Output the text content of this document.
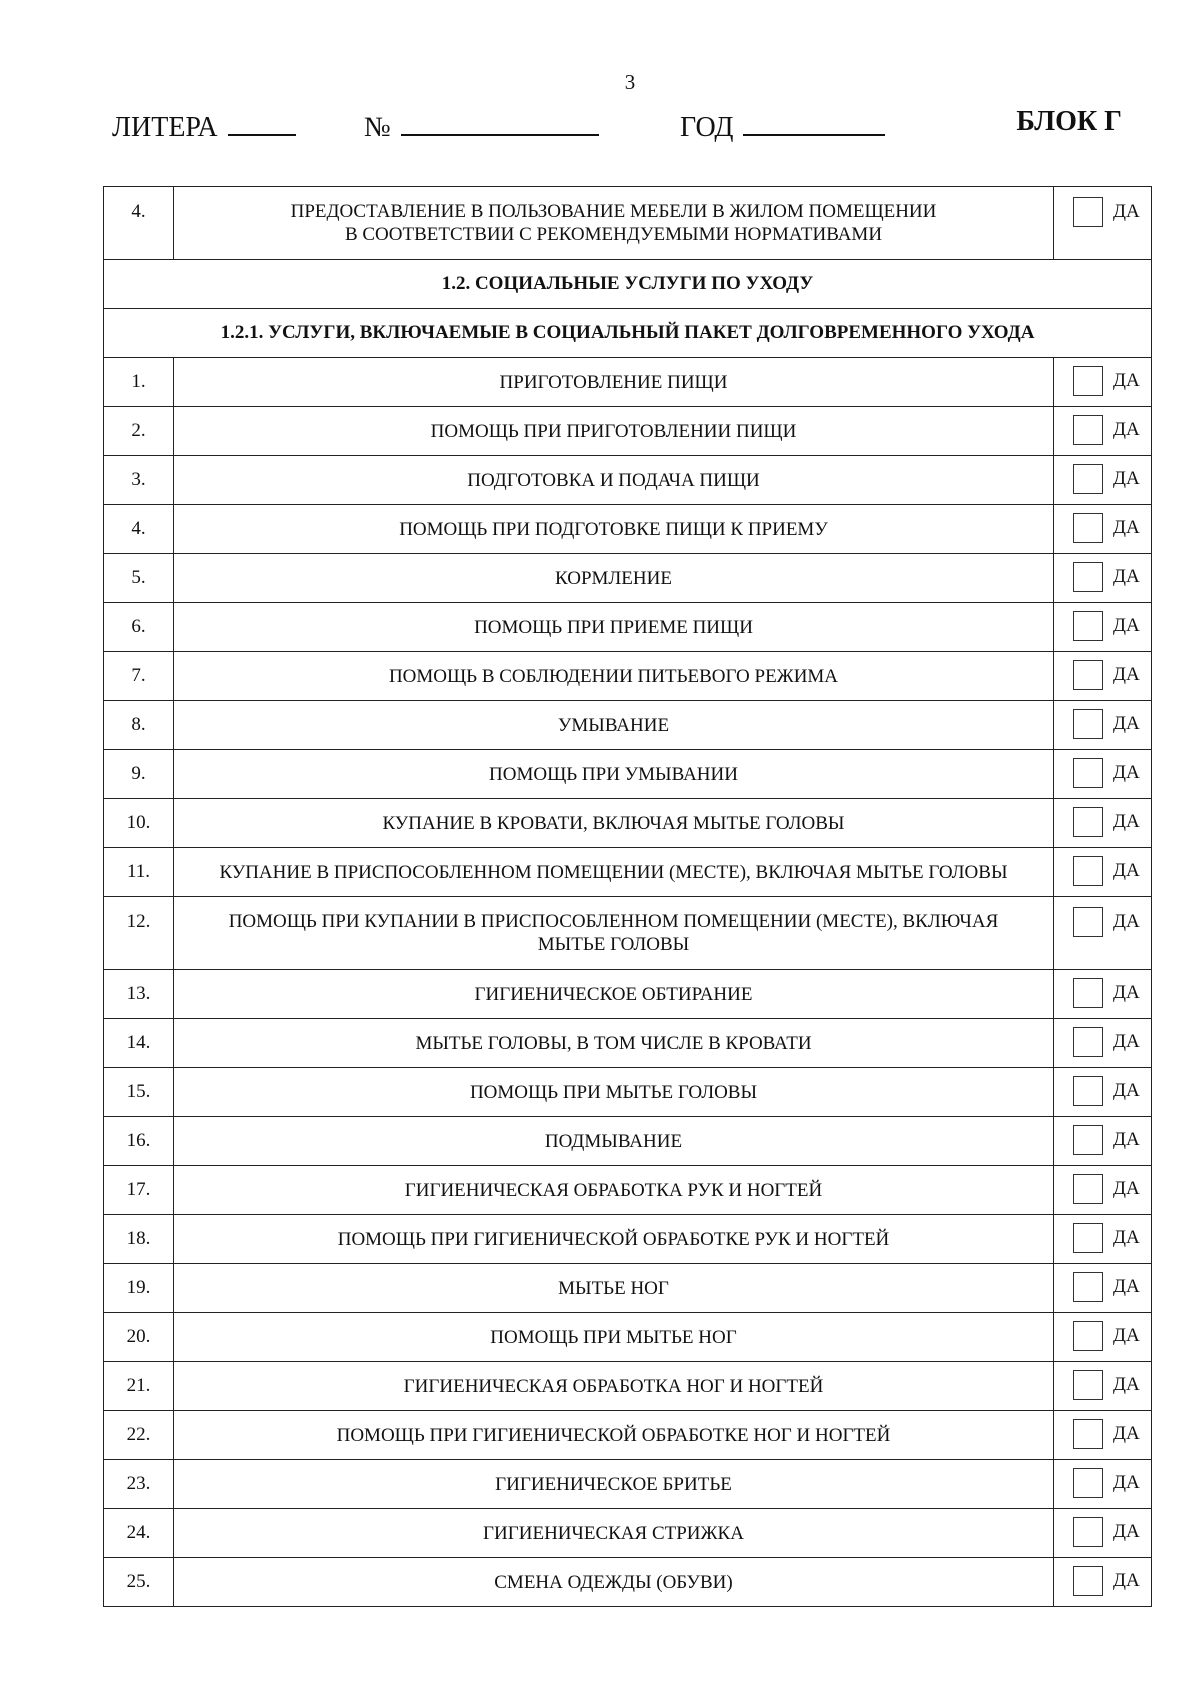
3
ЛИТЕРА	№	ГОД	БЛОК Г
4.	ПРЕДОСТАВЛЕНИЕ В ПОЛЬЗОВАНИЕ МЕБЕЛИ В ЖИЛОМ ПОМЕЩЕНИИ
В СООТВЕТСТВИИ С РЕКОМЕНДУЕМЫМИ НОРМАТИВАМИ	ДА

1.2. СОЦИАЛЬНЫЕ УСЛУГИ ПО УХОДУ		
1.2.1. УСЛУГИ, ВКЛЮЧАЕМЫЕ В СОЦИАЛЬНЫЙ ПАКЕТ ДОЛГОВРЕМЕННОГО УХОДА		
1.	ПРИГОТОВЛЕНИЕ ПИЩИ	ДА

2.	ПОМОЩЬ ПРИ ПРИГОТОВЛЕНИИ ПИЩИ	ДА

3.	ПОДГОТОВКА И ПОДАЧА ПИЩИ	ДА

4.	ПОМОЩЬ ПРИ ПОДГОТОВКЕ ПИЩИ К ПРИЕМУ	ДА

5.	КОРМЛЕНИЕ	ДА

6.	ПОМОЩЬ ПРИ ПРИЕМЕ ПИЩИ	ДА

7.	ПОМОЩЬ В СОБЛЮДЕНИИ ПИТЬЕВОГО РЕЖИМА	ДА

8.	УМЫВАНИЕ	ДА

9.	ПОМОЩЬ ПРИ УМЫВАНИИ	ДА

10.	КУПАНИЕ В КРОВАТИ, ВКЛЮЧАЯ МЫТЬЕ ГОЛОВЫ	ДА

11.	КУПАНИЕ В ПРИСПОСОБЛЕННОМ ПОМЕЩЕНИИ (МЕСТЕ), ВКЛЮЧАЯ МЫТЬЕ ГОЛОВЫ	ДА

12.	ПОМОЩЬ ПРИ КУПАНИИ В ПРИСПОСОБЛЕННОМ ПОМЕЩЕНИИ (МЕСТЕ), ВКЛЮЧАЯ
МЫТЬЕ ГОЛОВЫ	ДА

13.	ГИГИЕНИЧЕСКОЕ ОБТИРАНИЕ	ДА

14.	МЫТЬЕ ГОЛОВЫ, В ТОМ ЧИСЛЕ В КРОВАТИ	ДА

15.	ПОМОЩЬ ПРИ МЫТЬЕ ГОЛОВЫ	ДА

16.	ПОДМЫВАНИЕ	ДА

17.	ГИГИЕНИЧЕСКАЯ ОБРАБОТКА РУК И НОГТЕЙ	ДА

18.	ПОМОЩЬ ПРИ ГИГИЕНИЧЕСКОЙ ОБРАБОТКЕ РУК И НОГТЕЙ	ДА

19.	МЫТЬЕ НОГ	ДА

20.	ПОМОЩЬ ПРИ МЫТЬЕ НОГ	ДА

21.	ГИГИЕНИЧЕСКАЯ ОБРАБОТКА НОГ И НОГТЕЙ	ДА

22.	ПОМОЩЬ ПРИ ГИГИЕНИЧЕСКОЙ ОБРАБОТКЕ НОГ И НОГТЕЙ	ДА

23.	ГИГИЕНИЧЕСКОЕ БРИТЬЕ	ДА

24.	ГИГИЕНИЧЕСКАЯ СТРИЖКА	ДА

25.	СМЕНА ОДЕЖДЫ (ОБУВИ)	ДА
